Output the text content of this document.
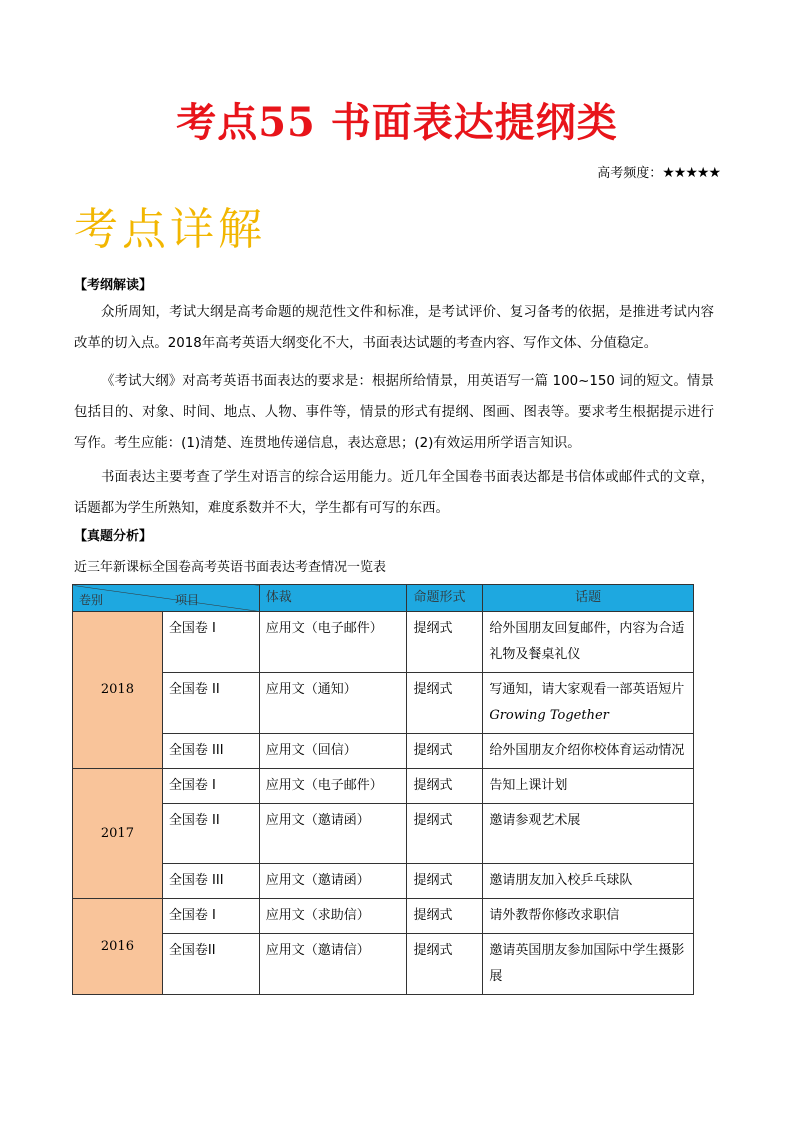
考点55 书面表达提纲类
高考频度：★★★★★
考点详解
【考纲解读】
众所周知，考试大纲是高考命题的规范性文件和标准，是考试评价、复习备考的依据，是推进考试内容改革的切入点。2018年高考英语大纲变化不大，书面表达试题的考查内容、写作文体、分值稳定。
《考试大纲》对高考英语书面表达的要求是：根据所给情景，用英语写一篇 100~150 词的短文。情景包括目的、对象、时间、地点、人物、事件等，情景的形式有提纲、图画、图表等。要求考生根据提示进行写作。考生应能：(1)清楚、连贯地传递信息，表达意思；(2)有效运用所学语言知识。
书面表达主要考查了学生对语言的综合运用能力。近几年全国卷书面表达都是书信体或邮件式的文章，话题都为学生所熟知，难度系数并不大，学生都有可写的东西。
【真题分析】
近三年新课标全国卷高考英语书面表达考查情况一览表
卷别 项目		体裁	命题形式	话题
2018	全国卷 I	应用文（电子邮件）	提纲式	给外国朋友回复邮件，内容为合适礼物及餐桌礼仪
	全国卷 II	应用文（通知）	提纲式	写通知，请大家观看一部英语短片 Growing Together
	全国卷 III	应用文（回信）	提纲式	给外国朋友介绍你校体育运动情况
2017	全国卷 I	应用文（电子邮件）	提纲式	告知上课计划
	全国卷 II	应用文（邀请函）	提纲式	邀请参观艺术展
	全国卷 III	应用文（邀请函）	提纲式	邀请朋友加入校乒乓球队
2016	全国卷 I	应用文（求助信）	提纲式	请外教帮你修改求职信
	全国卷II	应用文（邀请信）	提纲式	邀请英国朋友参加国际中学生摄影展
